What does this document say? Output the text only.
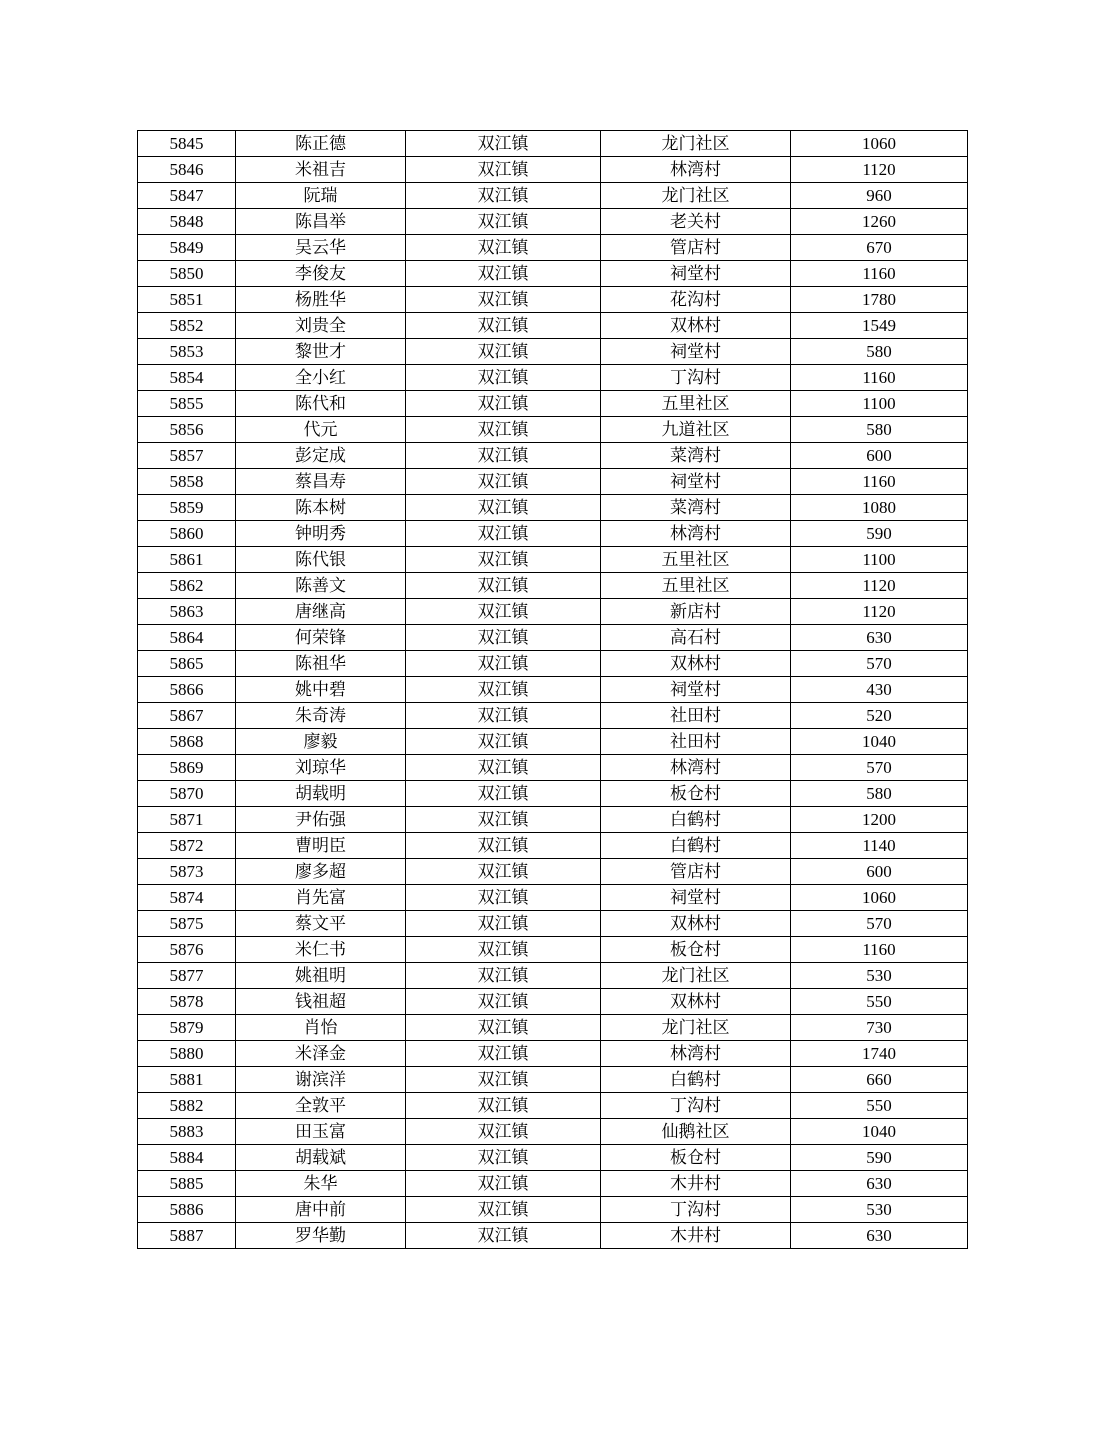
5845	陈正德	双江镇	龙门社区	1060
5846	米祖吉	双江镇	林湾村	1120
5847	阮瑞	双江镇	龙门社区	960
5848	陈昌举	双江镇	老关村	1260
5849	吴云华	双江镇	管店村	670
5850	李俊友	双江镇	祠堂村	1160
5851	杨胜华	双江镇	花沟村	1780
5852	刘贵全	双江镇	双林村	1549
5853	黎世才	双江镇	祠堂村	580
5854	全小红	双江镇	丁沟村	1160
5855	陈代和	双江镇	五里社区	1100
5856	代元	双江镇	九道社区	580
5857	彭定成	双江镇	菜湾村	600
5858	蔡昌寿	双江镇	祠堂村	1160
5859	陈本树	双江镇	菜湾村	1080
5860	钟明秀	双江镇	林湾村	590
5861	陈代银	双江镇	五里社区	1100
5862	陈善文	双江镇	五里社区	1120
5863	唐继高	双江镇	新店村	1120
5864	何荣锋	双江镇	高石村	630
5865	陈祖华	双江镇	双林村	570
5866	姚中碧	双江镇	祠堂村	430
5867	朱奇涛	双江镇	社田村	520
5868	廖毅	双江镇	社田村	1040
5869	刘琼华	双江镇	林湾村	570
5870	胡载明	双江镇	板仓村	580
5871	尹佑强	双江镇	白鹤村	1200
5872	曹明臣	双江镇	白鹤村	1140
5873	廖多超	双江镇	管店村	600
5874	肖先富	双江镇	祠堂村	1060
5875	蔡文平	双江镇	双林村	570
5876	米仁书	双江镇	板仓村	1160
5877	姚祖明	双江镇	龙门社区	530
5878	钱祖超	双江镇	双林村	550
5879	肖怡	双江镇	龙门社区	730
5880	米泽金	双江镇	林湾村	1740
5881	谢滨洋	双江镇	白鹤村	660
5882	全敦平	双江镇	丁沟村	550
5883	田玉富	双江镇	仙鹅社区	1040
5884	胡载斌	双江镇	板仓村	590
5885	朱华	双江镇	木井村	630
5886	唐中前	双江镇	丁沟村	530
5887	罗华勤	双江镇	木井村	630
